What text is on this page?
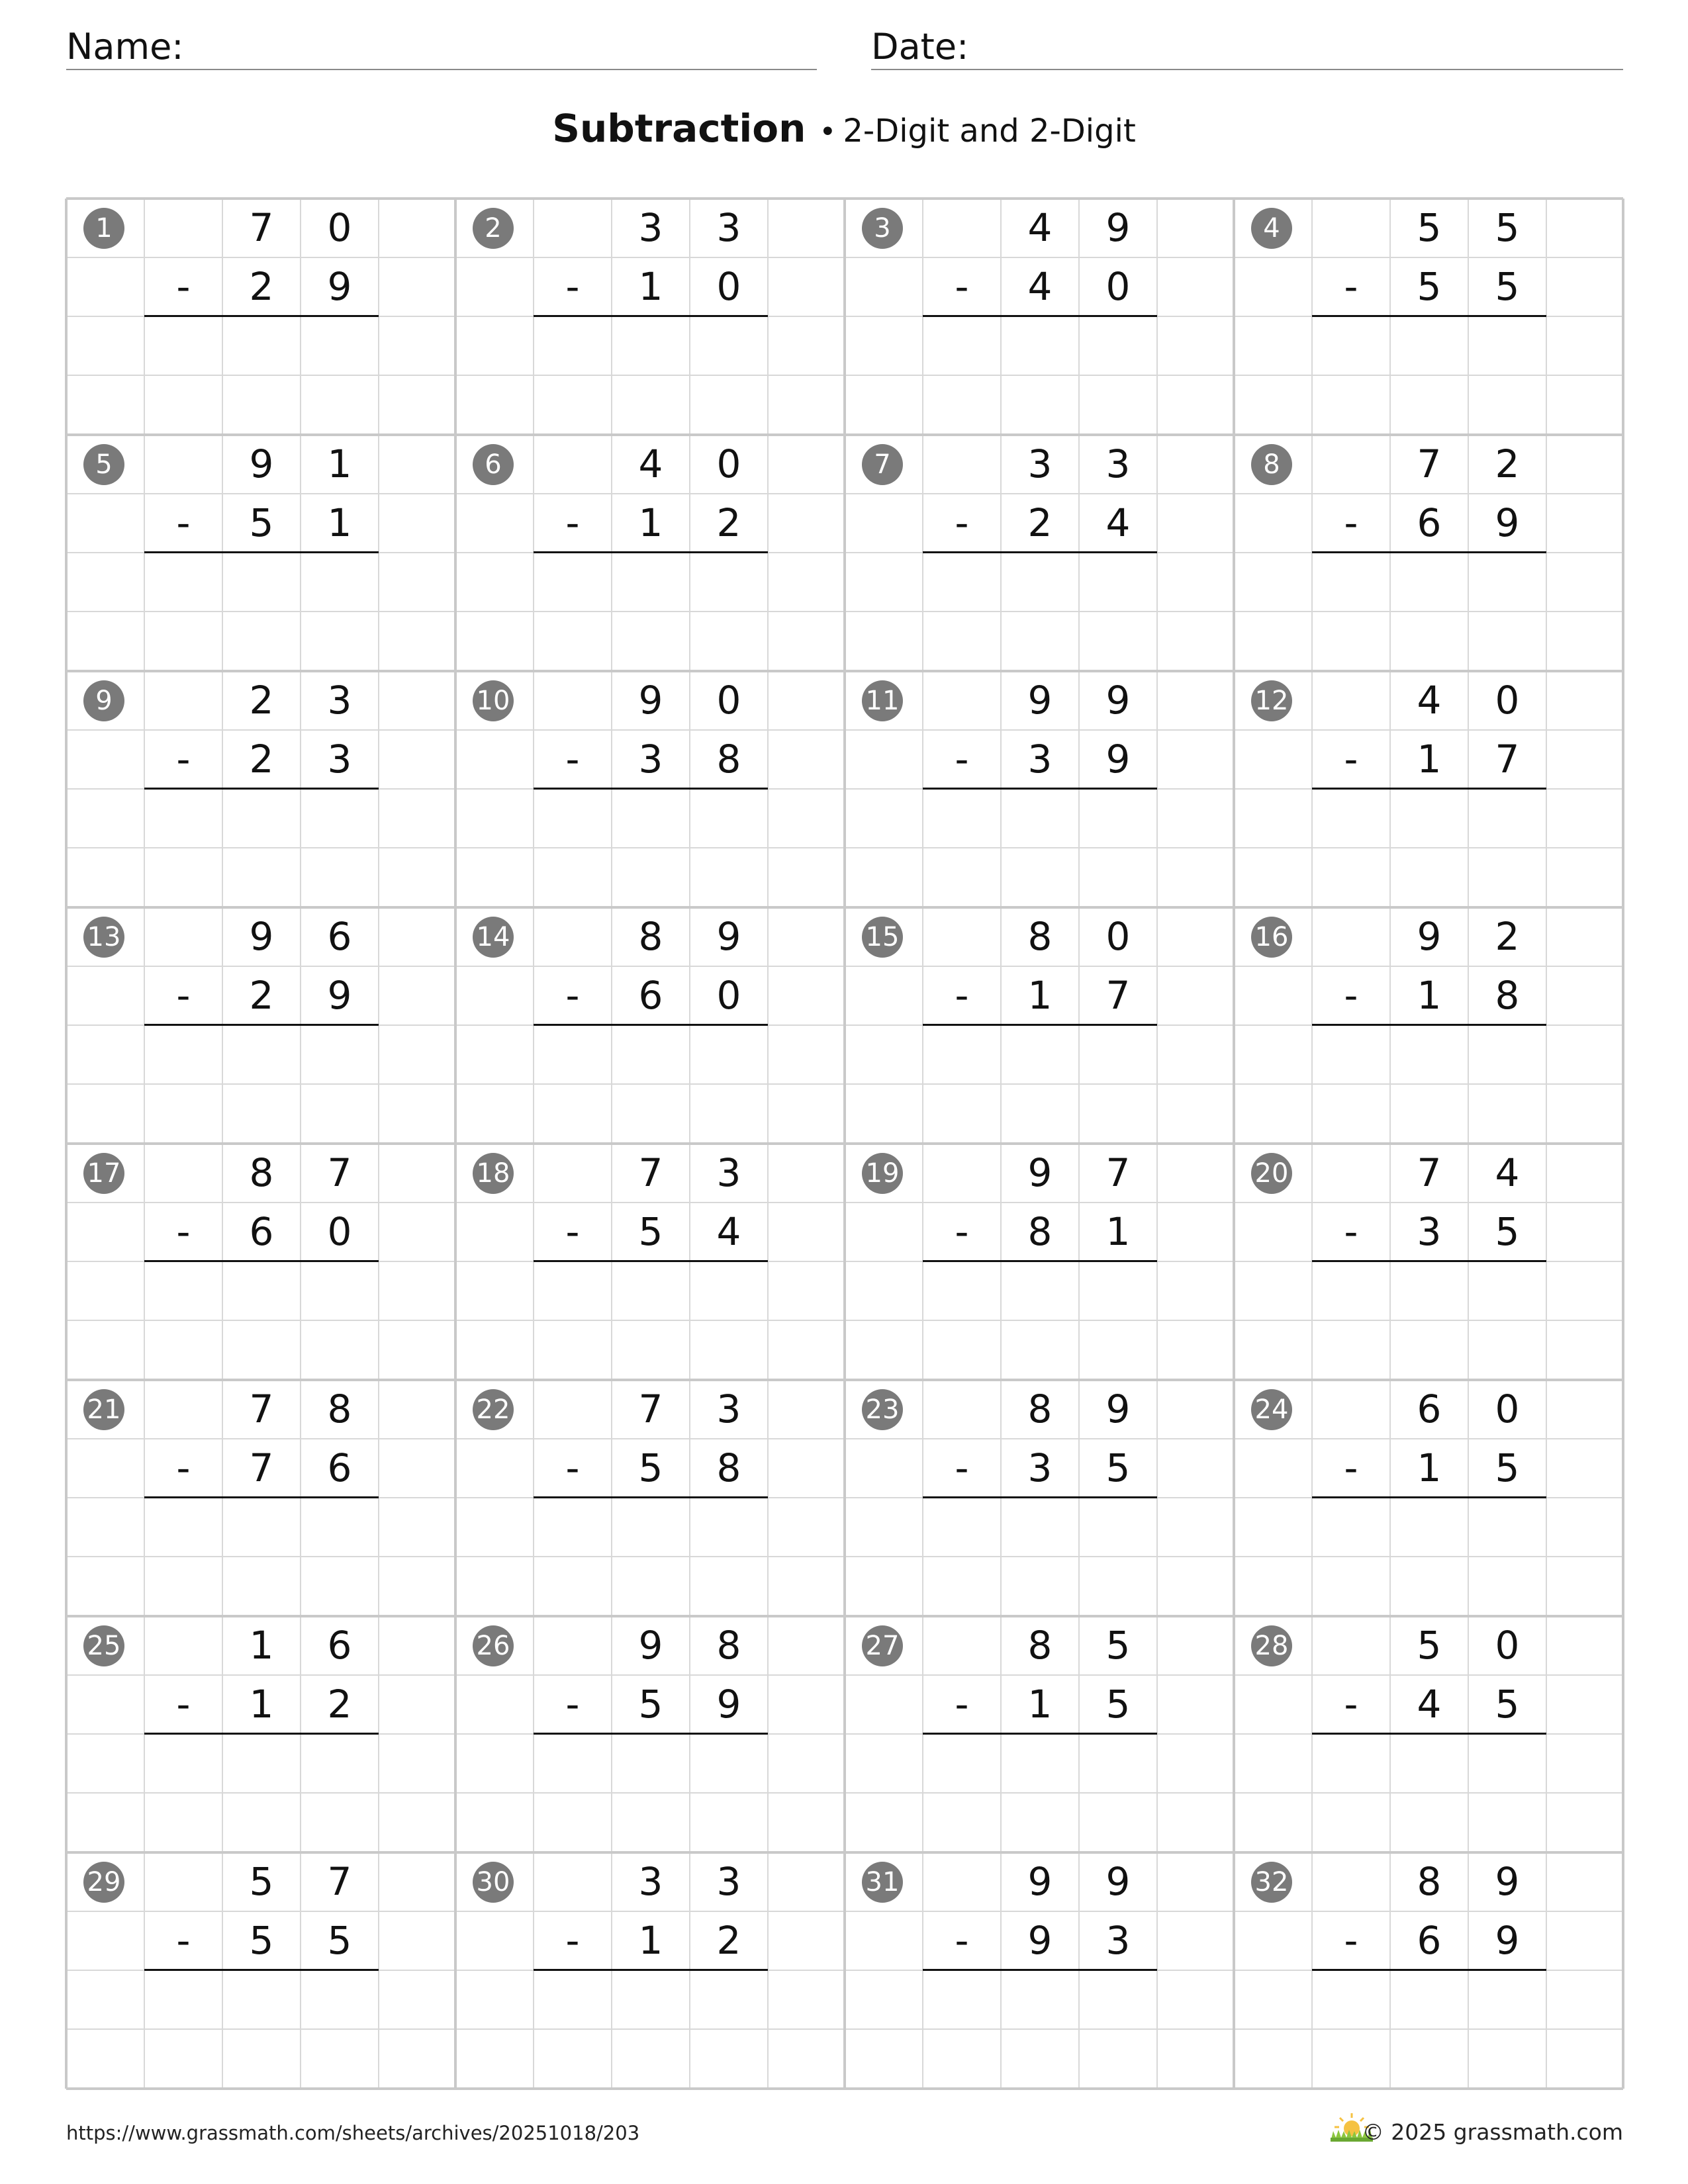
Name:	Date:
Subtraction • 2-Digit and 2-Digit
1	7	0
-	2	9
2	3	3
-	1	0
3	4	9
-	4	0
4	5	5
-	5	5
5	9	1
-	5	1
6	4	0
-	1	2
7	3	3
-	2	4
8	7	2
-	6	9
9	2	3
-	2	3
10	9	0
-	3	8
11	9	9
-	3	9
12	4	0
-	1	7
13	9	6
-	2	9
14	8	9
-	6	0
15	8	0
-	1	7
16	9	2
-	1	8
17	8	7
-	6	0
18	7	3
-	5	4
19	9	7
-	8	1
20	7	4
-	3	5
21	7	8
-	7	6
22	7	3
-	5	8
23	8	9
-	3	5
24	6	0
-	1	5
25	1	6
-	1	2
26	9	8
-	5	9
27	8	5
-	1	5
28	5	0
-	4	5
29	5	7
-	5	5
30	3	3
-	1	2
31	9	9
-	9	3
32	8	9
-	6	9
https://www.grassmath.com/sheets/archives/20251018/203	© 2025 grassmath.com
